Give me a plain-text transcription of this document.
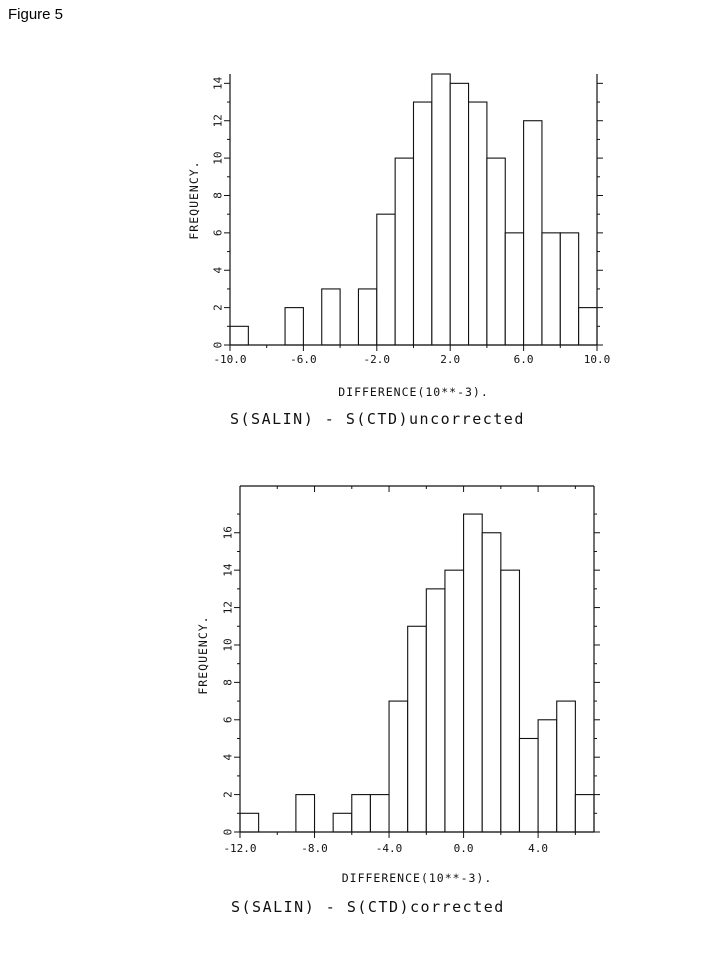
Figure 5
-10.0	-6.0	-2.0	2.0	6.0	10.0
0
2
4
6
8
10
12
14
DIFFERENCE(10**-3).
FREQUENCY.
S(SALIN) - S(CTD)uncorrected
-12.0	-8.0	-4.0	0.0	4.0
0
2
4
6
8
10
12
14
16
DIFFERENCE(10**-3).
FREQUENCY.
S(SALIN) - S(CTD)corrected
